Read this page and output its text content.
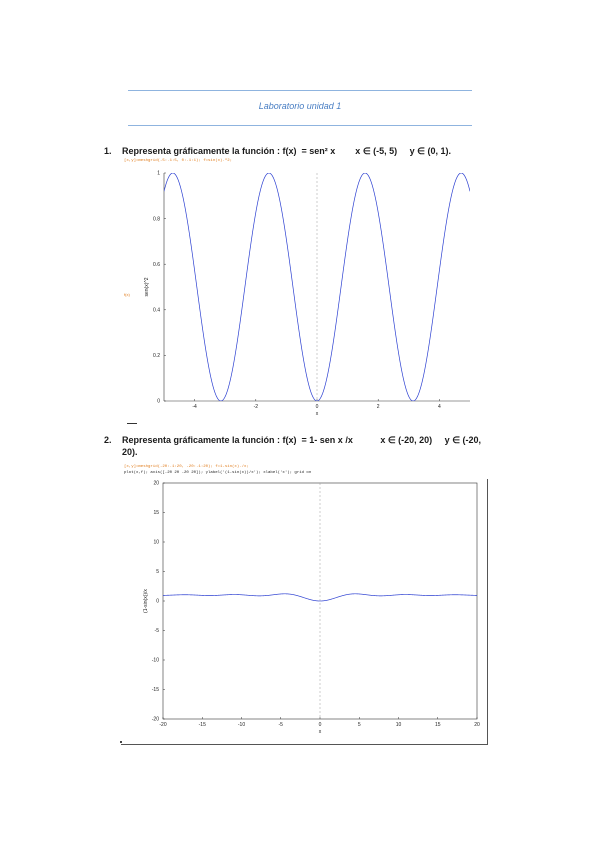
Laboratorio unidad 1
1. Representa gráficamente la función : f(x)  = sen² x        x ∈ (-5, 5)     y ∈ (0, 1).
[x,y]=meshgrid(-5:.1:5, 0:.1:1); f=sin(x).^2;
f(x)
-4	-2	0	2	4
0
0.2
0.4
0.6
0.8
1
x
sen(x)^2
2. Representa gráficamente la función : f(x)  = 1- sen x /x           x ∈ (-20, 20)     y ∈ (-20,
20).
[x,y]=meshgrid(-20:.1:20, -20:.1:20); f=1-sin(x)./x;
plot(x,f); axis([-20 20 -20 20]); ylabel('(1-sin(x))/x'); xlabel('x'); grid on
-20	-15	-10	-5	0	5	10	15	20
-20
-15
-10
-5
0
5
10
15
20
x
(1-sin(x))/x
